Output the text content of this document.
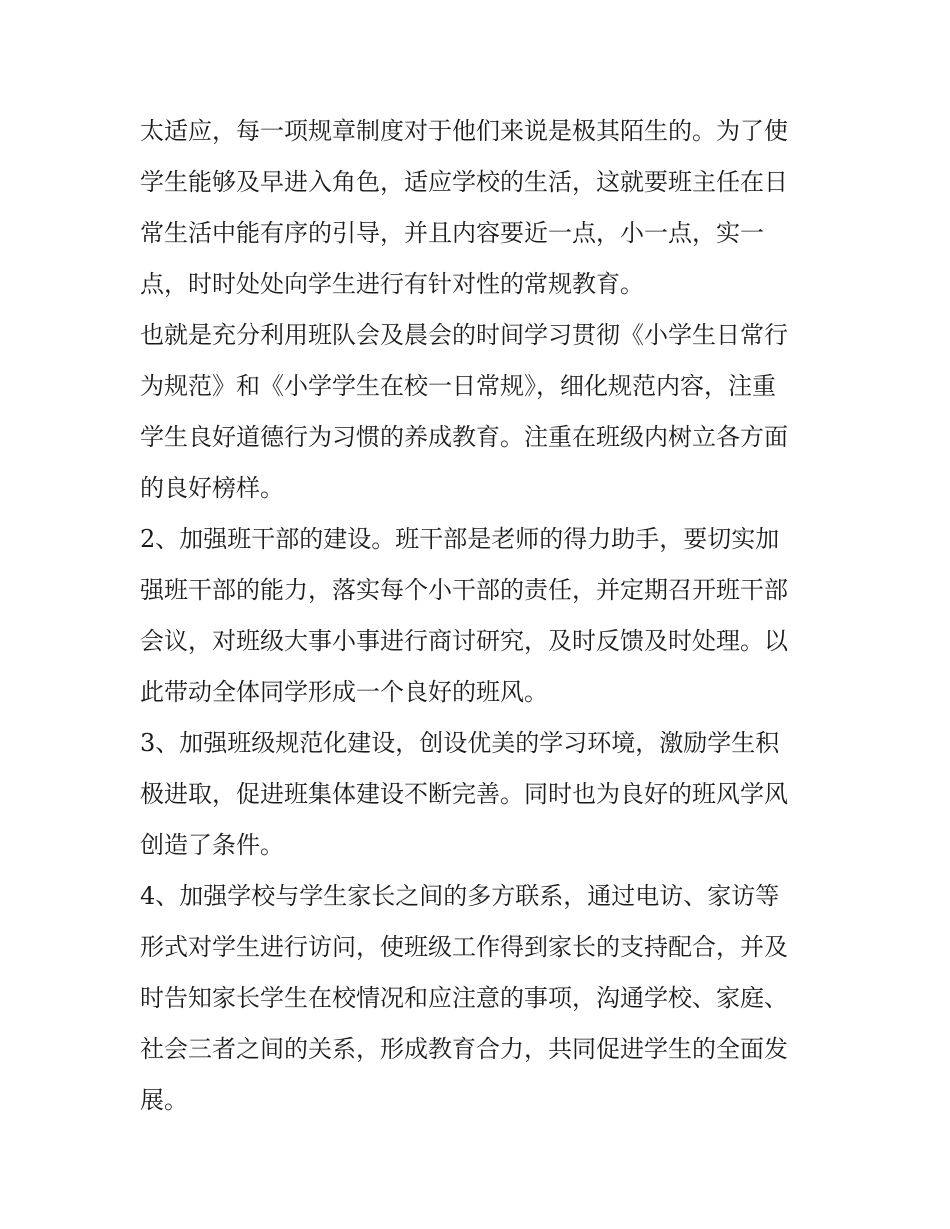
太适应，每一项规章制度对于他们来说是极其陌生的。为了使
学生能够及早进入角色，适应学校的生活，这就要班主任在日
常生活中能有序的引导，并且内容要近一点，小一点，实一
点，时时处处向学生进行有针对性的常规教育。
也就是充分利用班队会及晨会的时间学习贯彻《小学生日常行
为规范》和《小学学生在校一日常规》，细化规范内容，注重
学生良好道德行为习惯的养成教育。注重在班级内树立各方面
的良好榜样。
2、加强班干部的建设。班干部是老师的得力助手，要切实加
强班干部的能力，落实每个小干部的责任，并定期召开班干部
会议，对班级大事小事进行商讨研究，及时反馈及时处理。以
此带动全体同学形成一个良好的班风。
3、加强班级规范化建设，创设优美的学习环境，激励学生积
极进取，促进班集体建设不断完善。同时也为良好的班风学风
创造了条件。
4、加强学校与学生家长之间的多方联系，通过电访、家访等
形式对学生进行访问，使班级工作得到家长的支持配合，并及
时告知家长学生在校情况和应注意的事项，沟通学校、家庭、
社会三者之间的关系，形成教育合力，共同促进学生的全面发
展。
